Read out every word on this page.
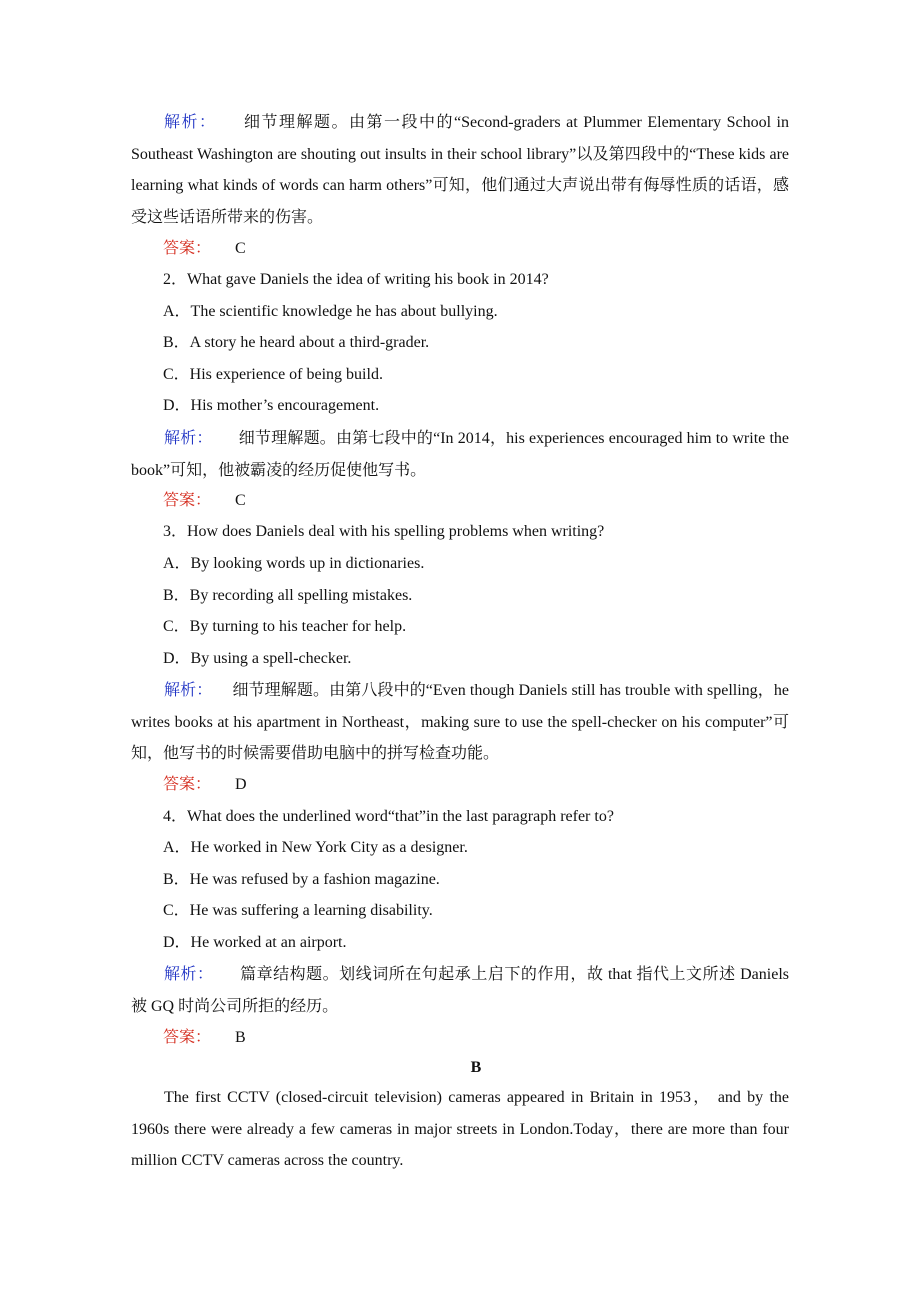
解析： 细节理解题。由第一段中的“Second-graders at Plummer Elementary School in Southeast Washington are shouting out insults in their school library”以及第四段中的“These kids are learning what kinds of words can harm others”可知，他们通过大声说出带有侮辱性质的话语，感受这些话语所带来的伤害。

答案： C

2．What gave Daniels the idea of writing his book in 2014?

A．The scientific knowledge he has about bullying.

B．A story he heard about a third-grader.

C．His experience of being build.

D．His mother’s encouragement.

解析： 细节理解题。由第七段中的“In 2014，his experiences encouraged him to write the book”可知，他被霸凌的经历促使他写书。

答案： C

3．How does Daniels deal with his spelling problems when writing?

A．By looking words up in dictionaries.

B．By recording all spelling mistakes.

C．By turning to his teacher for help.

D．By using a spell-checker.

解析： 细节理解题。由第八段中的“Even though Daniels still has trouble with spelling，he writes books at his apartment in Northeast，making sure to use the spell-checker on his computer”可知，他写书的时候需要借助电脑中的拼写检查功能。

答案： D

4．What does the underlined word“that”in the last paragraph refer to?

A．He worked in New York City as a designer.

B．He was refused by a fashion magazine.

C．He was suffering a learning disability.

D．He worked at an airport.

解析： 篇章结构题。划线词所在句起承上启下的作用，故 that 指代上文所述 Daniels 被 GQ 时尚公司所拒的经历。

答案： B

B

The first CCTV (closed-circuit television) cameras appeared in Britain in 1953， and by the 1960s there were already a few cameras in major streets in London.Today，there are more than four million CCTV cameras across the country.
